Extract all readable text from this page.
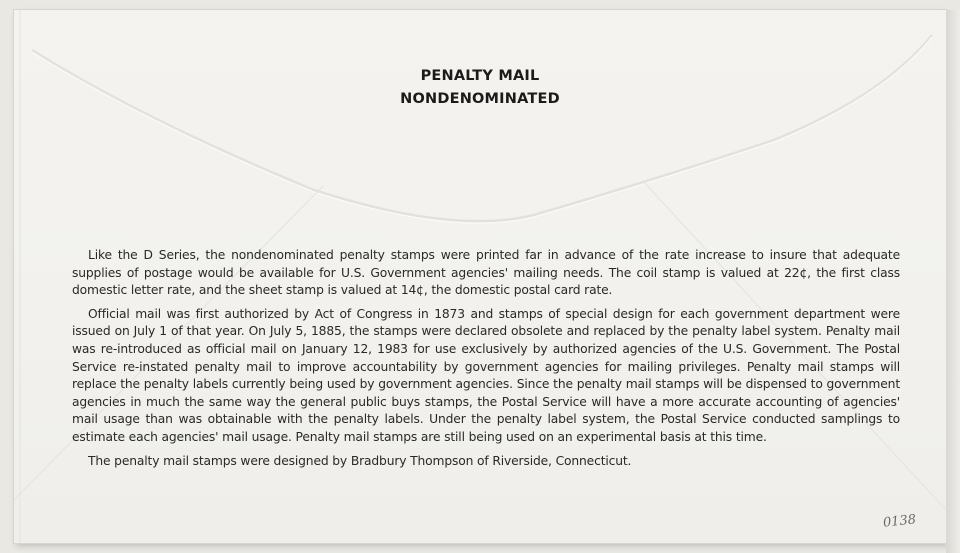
PENALTY MAIL
NONDENOMINATED

Like the D Series, the nondenominated penalty stamps were printed far in advance of the rate increase to insure that adequate supplies of postage would be available for U.S. Government agencies' mailing needs. The coil stamp is valued at 22¢, the first class domestic letter rate, and the sheet stamp is valued at 14¢, the domestic postal card rate.

Official mail was first authorized by Act of Congress in 1873 and stamps of special design for each government department were issued on July 1 of that year. On July 5, 1885, the stamps were declared obsolete and replaced by the penalty label system. Penalty mail was re-introduced as official mail on January 12, 1983 for use exclusively by authorized agencies of the U.S. Government. The Postal Service re-instated penalty mail to improve accountability by government agencies for mailing privileges. Penalty mail stamps will replace the penalty labels currently being used by government agencies. Since the penalty mail stamps will be dispensed to government agencies in much the same way the general public buys stamps, the Postal Service will have a more accurate accounting of agencies' mail usage than was obtainable with the penalty labels. Under the penalty label system, the Postal Service conducted samplings to estimate each agencies' mail usage. Penalty mail stamps are still being used on an experimental basis at this time.

The penalty mail stamps were designed by Bradbury Thompson of Riverside, Connecticut.

0138
